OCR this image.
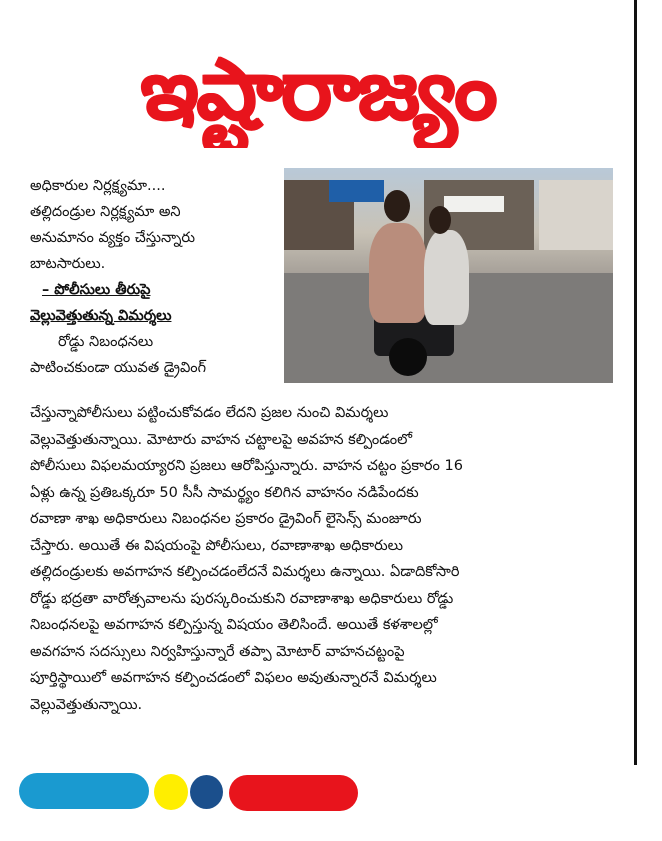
ఇష్టారాజ్యం
అధికారుల నిర్లక్ష్యమా....
తల్లిదండ్రుల నిర్లక్ష్యమా అని
అనుమానం వ్యక్తం చేస్తున్నారు
బాటసారులు.
– పోలీసులు తీరుపై
వెల్లువెత్తుతున్న విమర్శలు
రోడ్డు నిబంధనలు
పాటించకుండా యువత డ్రైవింగ్
చేస్తున్నాపోలీసులు పట్టించుకోవడం లేదని ప్రజల నుంచి విమర్శలు
వెల్లువెత్తుతున్నాయి. మోటారు వాహన చట్టాలపై అవహన కల్పిండంలో
పోలీసులు విఫలమయ్యారని ప్రజలు ఆరోపిస్తున్నారు. వాహన చట్టం ప్రకారం 16
ఏళ్లు ఉన్న ప్రతిఒక్కరూ 50 సీసీ సామర్థ్యం కలిగిన వాహనం నడిపేందకు
రవాణా శాఖ అధికారులు నిబంధనల ప్రకారం డ్రైవింగ్ లైసెన్స్ మంజూరు
చేస్తారు. అయితే ఈ విషయంపై పోలీసులు, రవాణాశాఖ అధికారులు
తల్లిదండ్రులకు అవగాహన కల్పించడంలేదనే విమర్శలు ఉన్నాయి. ఏడాదికోసారి
రోడ్డు భద్రతా వారోత్సవాలను పురస్కరించుకుని రవాణాశాఖ అధికారులు రోడ్డు
నిబంధనలపై అవగాహన కల్పిస్తున్న విషయం తెలిసిందే. అయితే కళశాలల్లో
అవగహన సదస్సులు నిర్వహిస్తున్నారే తప్పా మోటార్ వాహనచట్టంపై
పూర్తిస్థాయిలో అవగాహన కల్పించడంలో విఫలం అవుతున్నారనే విమర్శలు
వెల్లువెత్తుతున్నాయి.
